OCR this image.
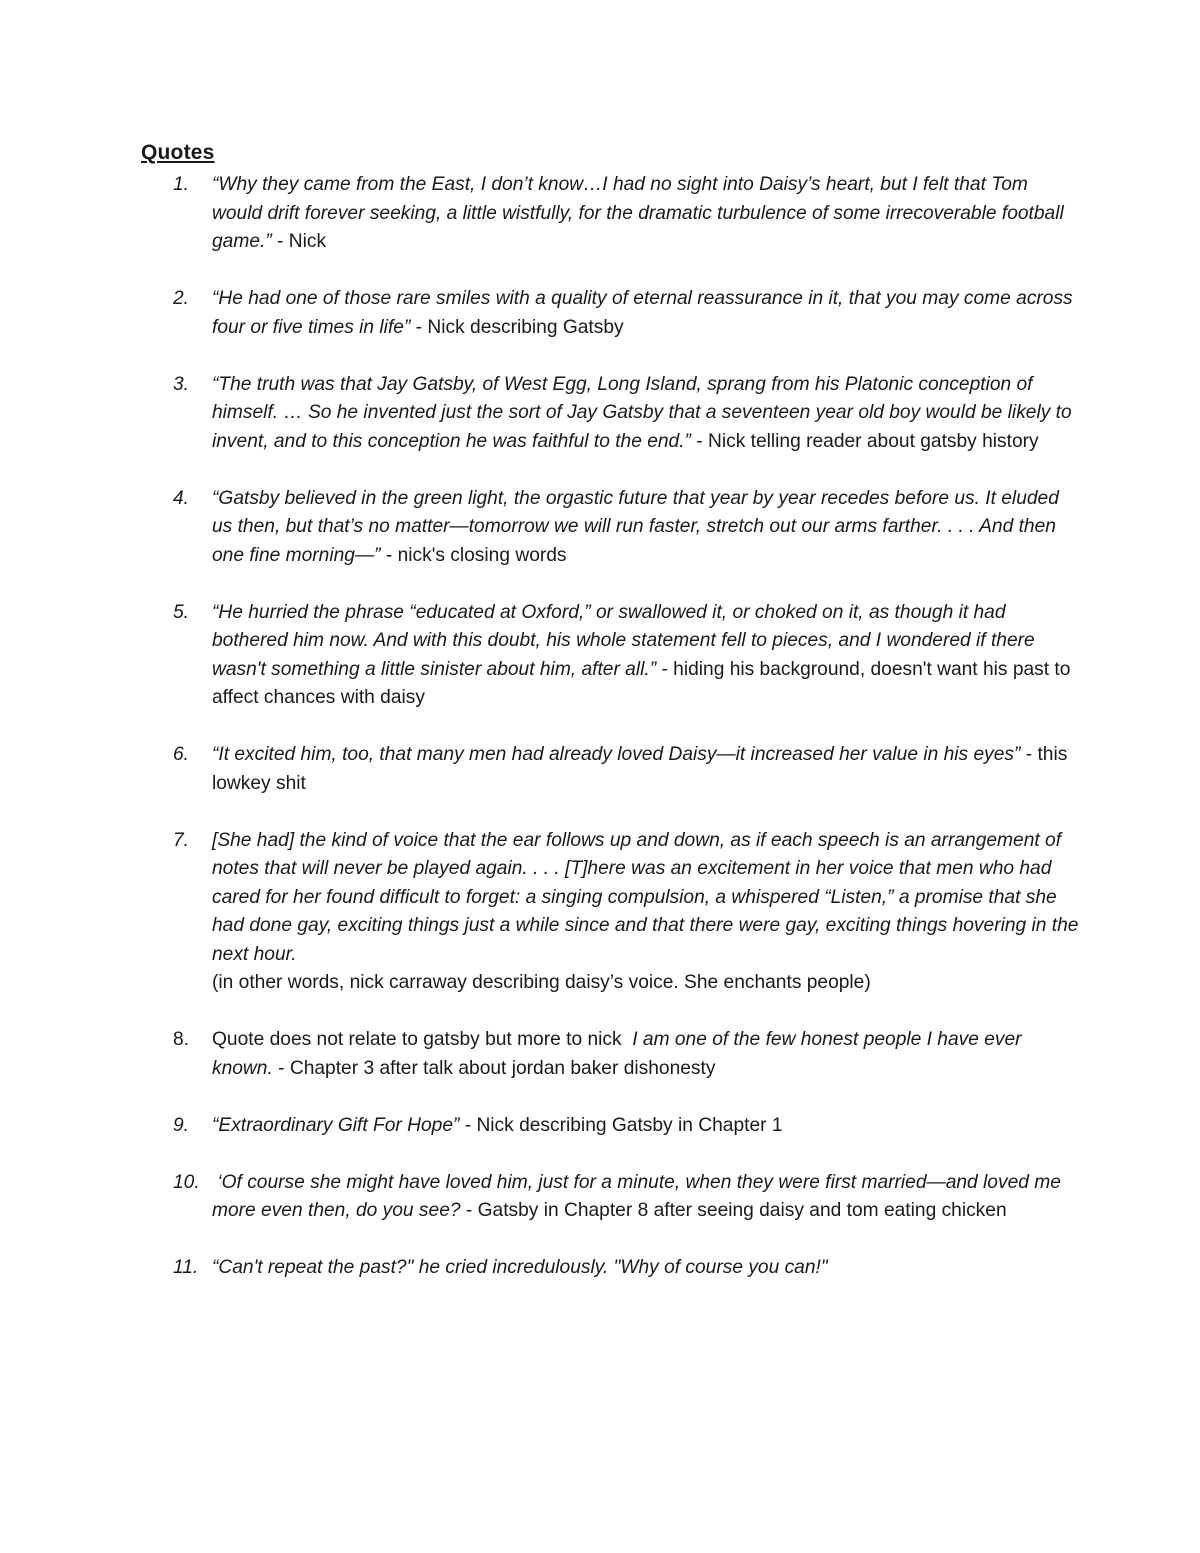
Quotes
1. “Why they came from the East, I don’t know…I had no sight into Daisy’s heart, but I felt that Tom would drift forever seeking, a little wistfully, for the dramatic turbulence of some irrecoverable football game.” - Nick
2. “He had one of those rare smiles with a quality of eternal reassurance in it, that you may come across four or five times in life” - Nick describing Gatsby
3. “The truth was that Jay Gatsby, of West Egg, Long Island, sprang from his Platonic conception of himself. … So he invented just the sort of Jay Gatsby that a seventeen year old boy would be likely to invent, and to this conception he was faithful to the end.” - Nick telling reader about gatsby history
4. “Gatsby believed in the green light, the orgastic future that year by year recedes before us. It eluded us then, but that’s no matter—tomorrow we will run faster, stretch out our arms farther. . . . And then one fine morning—” - nick's closing words
5. “He hurried the phrase “educated at Oxford,” or swallowed it, or choked on it, as though it had bothered him now. And with this doubt, his whole statement fell to pieces, and I wondered if there wasn't something a little sinister about him, after all.” - hiding his background, doesn't want his past to affect chances with daisy
6. “It excited him, too, that many men had already loved Daisy—it increased her value in his eyes” - this lowkey shit
7. [She had] the kind of voice that the ear follows up and down, as if each speech is an arrangement of notes that will never be played again. . . . [T]here was an excitement in her voice that men who had cared for her found difficult to forget: a singing compulsion, a whispered “Listen,” a promise that she had done gay, exciting things just a while since and that there were gay, exciting things hovering in the next hour.
(in other words, nick carraway describing daisy’s voice. She enchants people)
8. Quote does not relate to gatsby but more to nick  I am one of the few honest people I have ever known. - Chapter 3 after talk about jordan baker dishonesty
9. “Extraordinary Gift For Hope” - Nick describing Gatsby in Chapter 1
10. ‘Of course she might have loved him, just for a minute, when they were first married—and loved me more even then, do you see? - Gatsby in Chapter 8 after seeing daisy and tom eating chicken
11. “Can't repeat the past?" he cried incredulously. "Why of course you can!"
